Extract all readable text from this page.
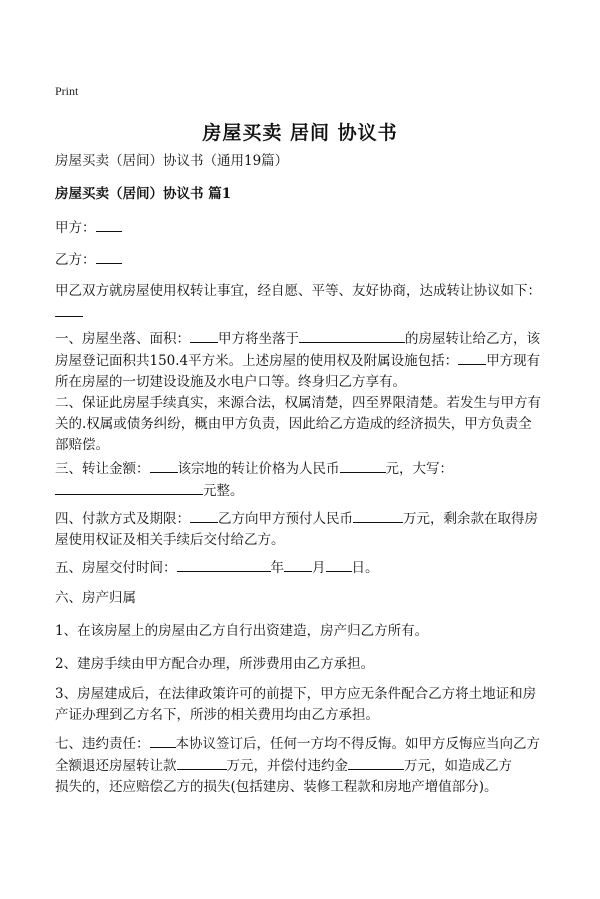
Print
房屋买卖 居间 协议书
房屋买卖（居间）协议书（通用19篇）
房屋买卖（居间）协议书 篇1
甲方：
乙方：
甲乙双方就房屋使用权转让事宜，经自愿、平等、友好协商，达成转让协议如下：

一、房屋坐落、面积： 甲方将坐落于	的房屋转让给乙方，该
房屋登记面积共150.4平方米。上述房屋的使用权及附属设施包括： 甲方现有
所在房屋的一切建设设施及水电户口等。终身归乙方享有。
二、保证此房屋手续真实，来源合法，权属清楚，四至界限清楚。若发生与甲方有
关的.权属或债务纠纷，概由甲方负责，因此给乙方造成的经济损失，甲方负责全
部赔偿。
三、转让金额： 该宗地的转让价格为人民币	元，大写：
元整。
四、付款方式及期限： 乙方向甲方预付人民币	万元，剩余款在取得房
屋使用权证及相关手续后交付给乙方。
五、房屋交付时间：	年 月 日。
六、房产归属
1、在该房屋上的房屋由乙方自行出资建造，房产归乙方所有。
2、建房手续由甲方配合办理，所涉费用由乙方承担。
3、房屋建成后，在法律政策许可的前提下，甲方应无条件配合乙方将土地证和房
产证办理到乙方名下，所涉的相关费用均由乙方承担。
七、违约责任： 本协议签订后，任何一方均不得反悔。如甲方反悔应当向乙方
全额退还房屋转让款	万元，并偿付违约金	万元，如造成乙方
损失的，还应赔偿乙方的损失(包括建房、装修工程款和房地产增值部分)。
